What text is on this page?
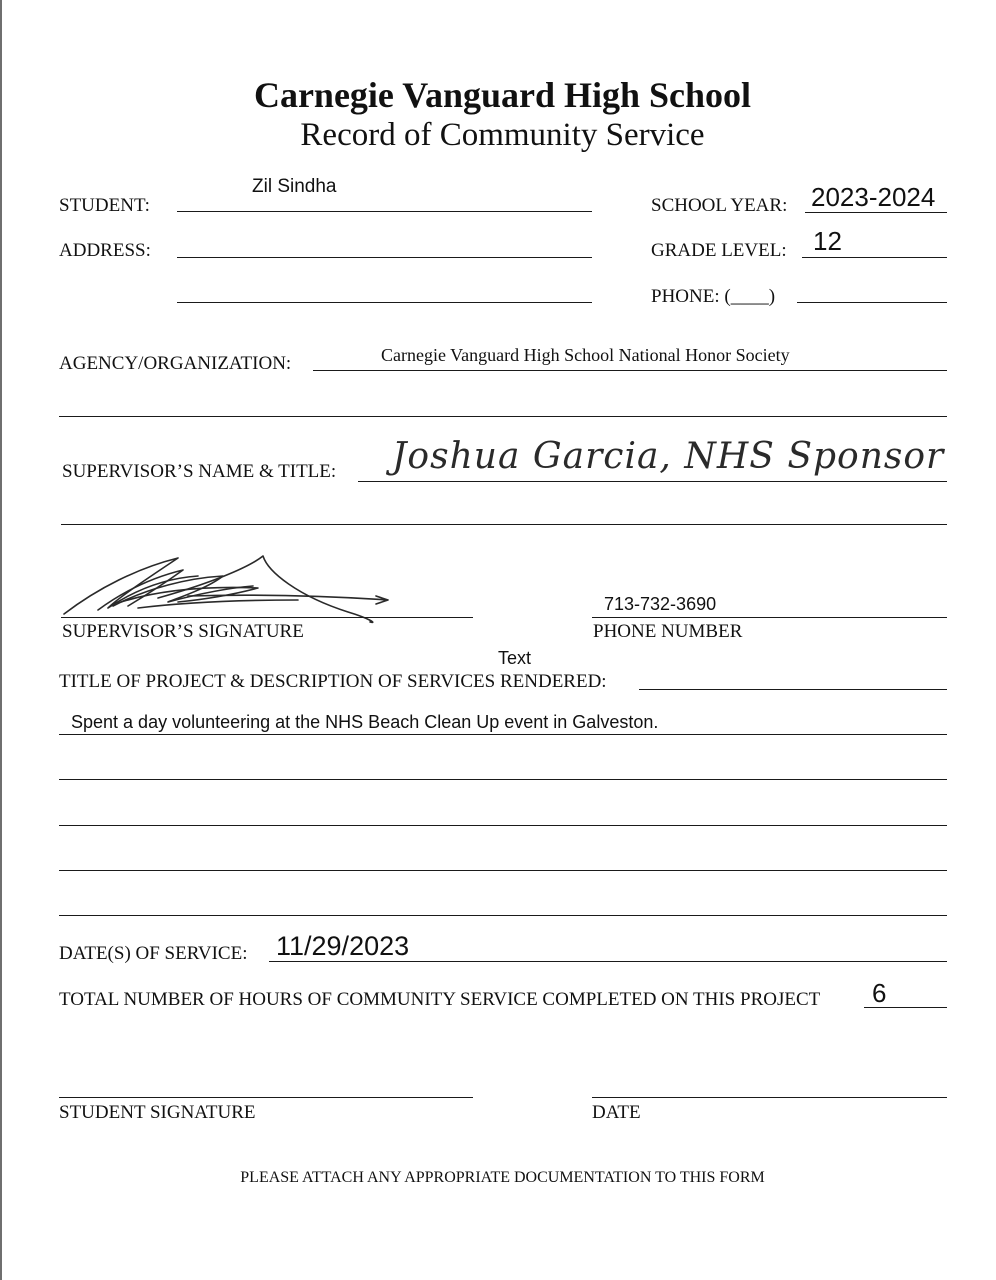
Carnegie Vanguard High School
Record of Community Service
STUDENT:
Zil Sindha
SCHOOL YEAR: 2023-2024
ADDRESS:	GRADE LEVEL: 12
PHONE: (____)
AGENCY/ORGANIZATION:	Carnegie Vanguard High School National Honor Society
SUPERVISOR’S NAME & TITLE: Joshua Garcia, NHS Sponsor
SUPERVISOR’S SIGNATURE
713-732-3690
PHONE NUMBER
Text
TITLE OF PROJECT & DESCRIPTION OF SERVICES RENDERED:
Spent a day volunteering at the NHS Beach Clean Up event in Galveston.
DATE(S) OF SERVICE: 11/29/2023
TOTAL NUMBER OF HOURS OF COMMUNITY SERVICE COMPLETED ON THIS PROJECT 6
STUDENT SIGNATURE	DATE
PLEASE ATTACH ANY APPROPRIATE DOCUMENTATION TO THIS FORM
